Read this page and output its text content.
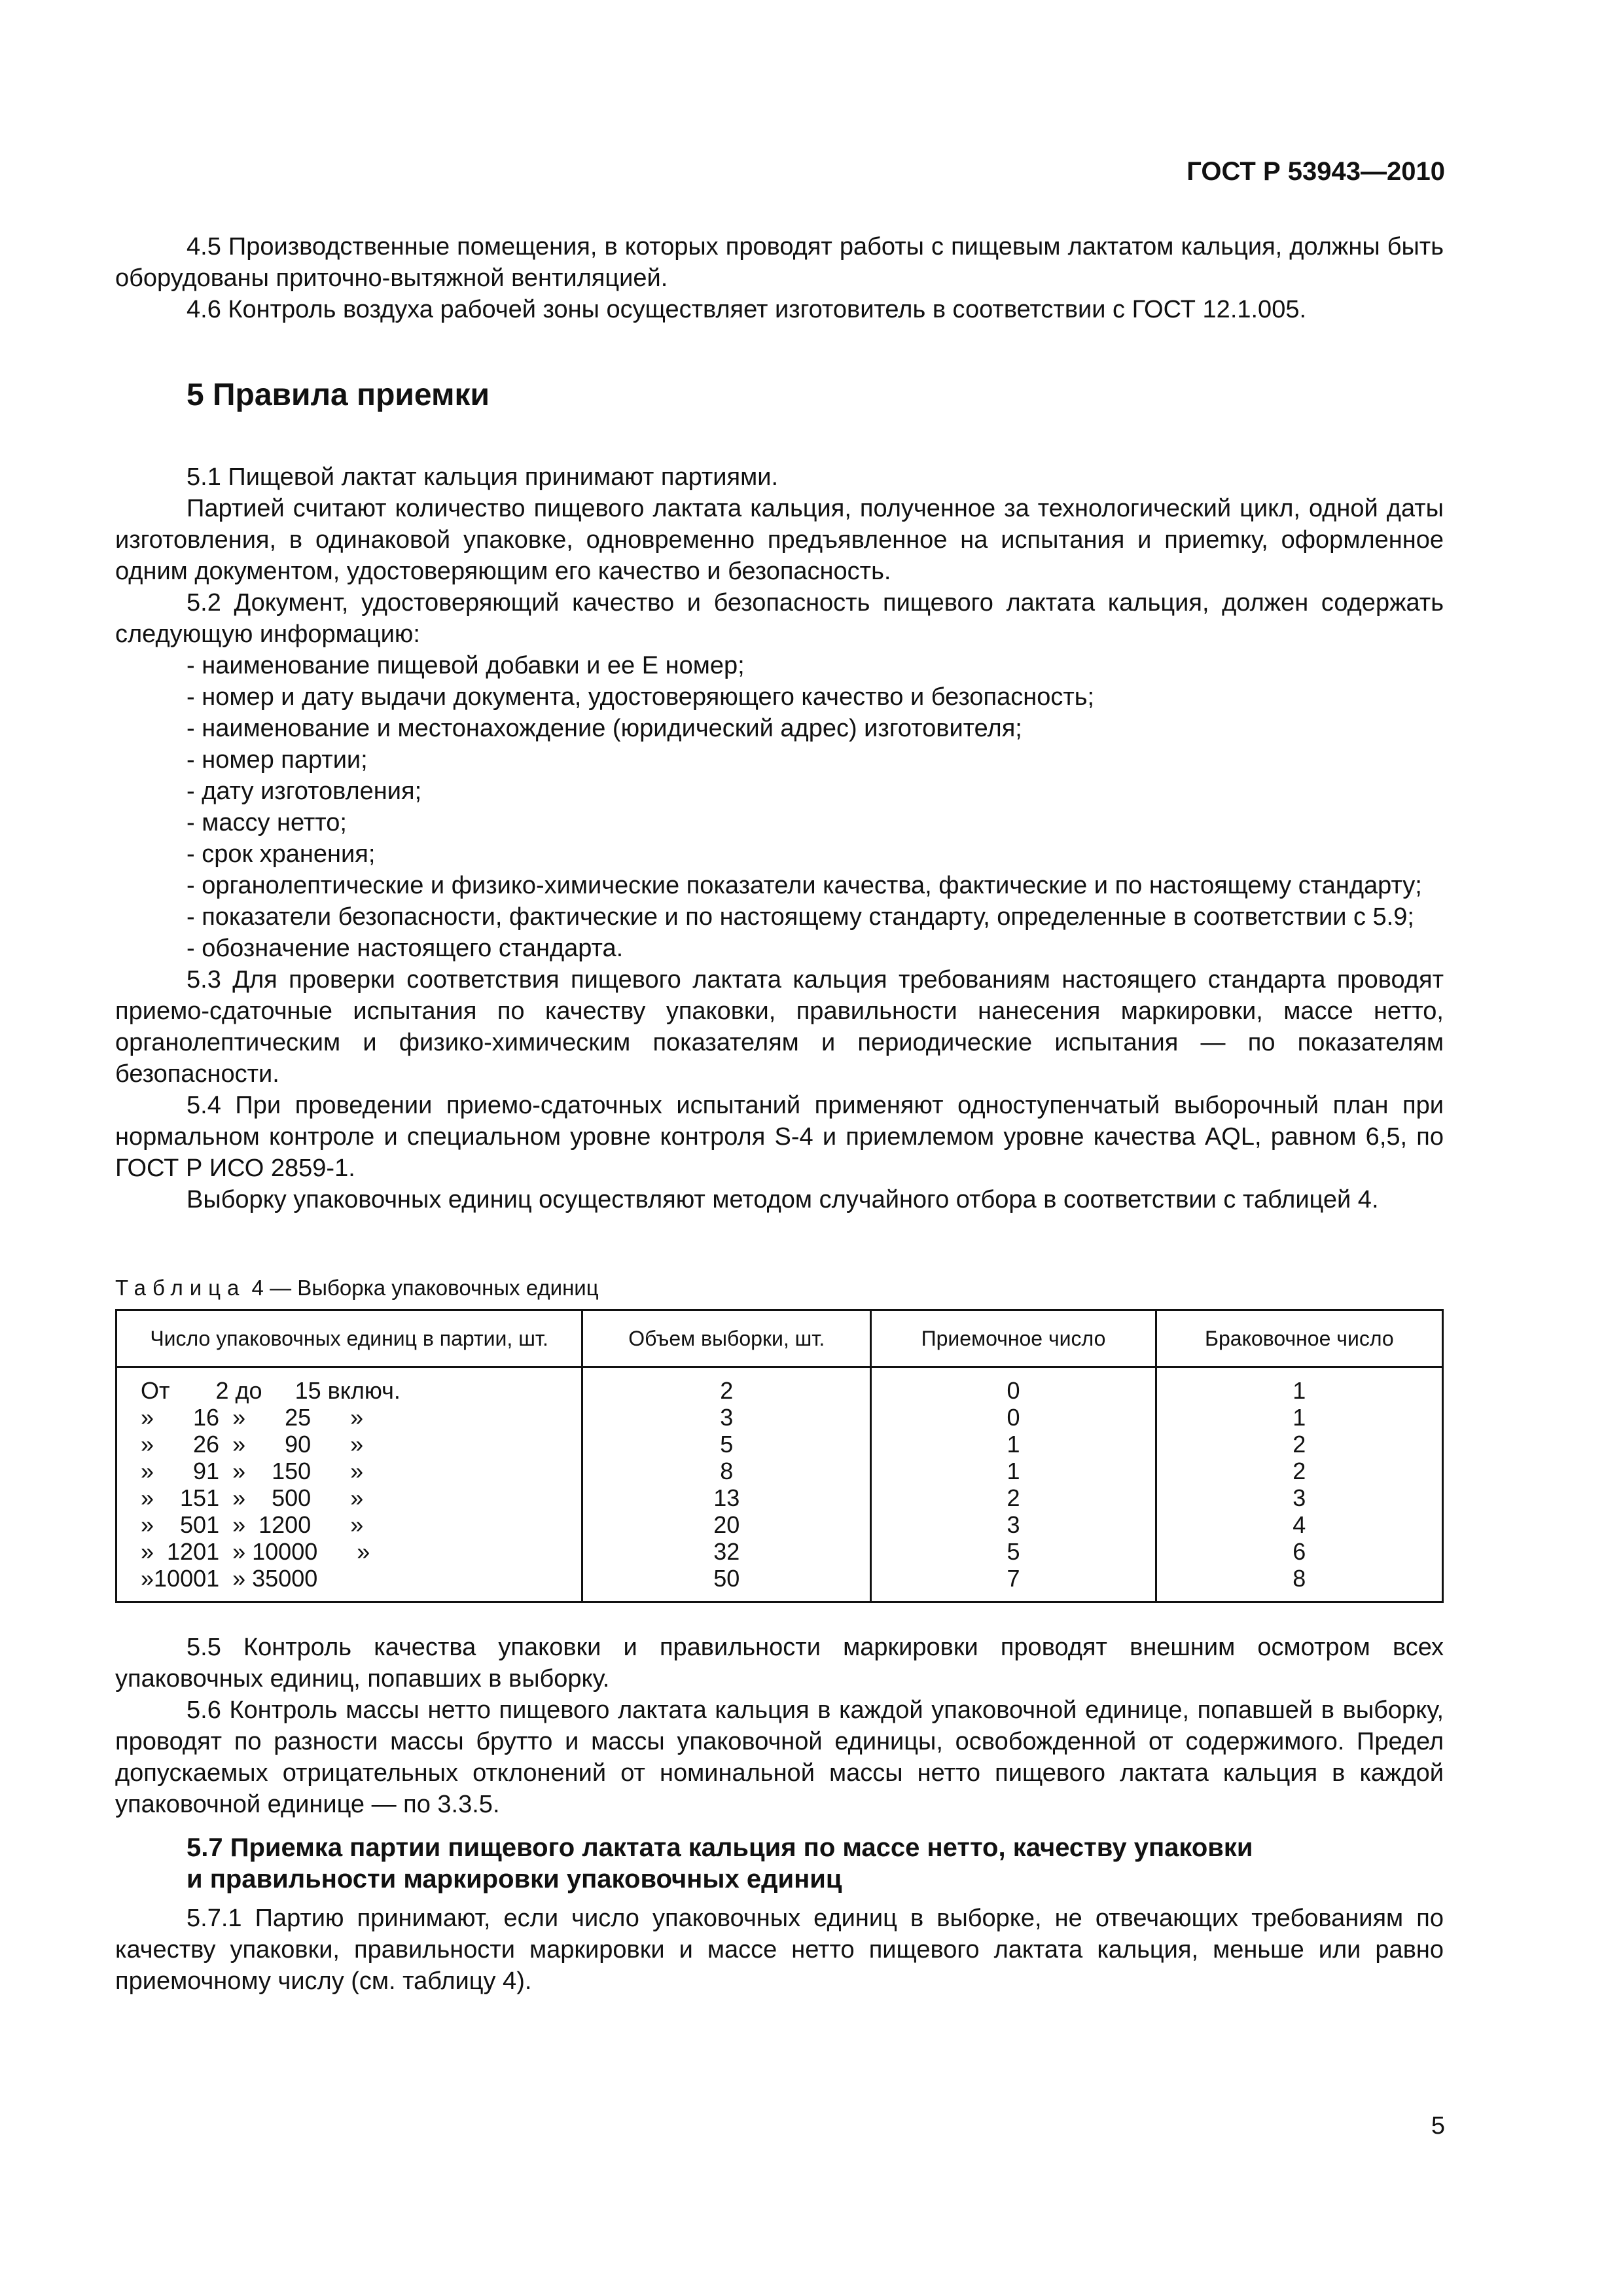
ГОСТ Р 53943—2010

4.5 Производственные помещения, в которых проводят работы с пищевым лактатом кальция, должны быть оборудованы приточно-вытяжной вентиляцией.

4.6 Контроль воздуха рабочей зоны осуществляет изготовитель в соответствии с ГОСТ 12.1.005.

5 Правила приемки

5.1 Пищевой лактат кальция принимают партиями.

Партией считают количество пищевого лактата кальция, полученное за технологический цикл, одной даты изготовления, в одинаковой упаковке, одновременно предъявленное на испытания и приemку, оформленное одним документом, удостоверяющим его качество и безопасность.

5.2 Документ, удостоверяющий качество и безопасность пищевого лактата кальция, должен содержать следующую информацию:

- наименование пищевой добавки и ее Е номер;

- номер и дату выдачи документа, удостоверяющего качество и безопасность;

- наименование и местонахождение (юридический адрес) изготовителя;

- номер партии;

- дату изготовления;

- массу нетто;

- срок хранения;

- органолептические и физико-химические показатели качества, фактические и по настоящему стандарту;

- показатели безопасности, фактические и по настоящему стандарту, определенные в соответствии с 5.9;

- обозначение настоящего стандарта.

5.3 Для проверки соответствия пищевого лактата кальция требованиям настоящего стандарта проводят приемо-сдаточные испытания по качеству упаковки, правильности нанесения маркировки, массе нетто, органолептическим и физико-химическим показателям и периодические испытания — по показателям безопасности.

5.4 При проведении приемо-сдаточных испытаний применяют одноступенчатый выборочный план при нормальном контроле и специальном уровне контроля S-4 и приемлемом уровне качества AQL, равном 6,5, по ГОСТ Р ИСО 2859-1.

Выборку упаковочных единиц осуществляют методом случайного отбора в соответствии с таблицей 4.

Таблица 4 — Выборка упаковочных единиц
Число упаковочных единиц в партии, шт.	Объем выборки, шт.	Приемочное число	Браковочное число
От       2 до     15 включ.	2	0	1
»      16  »      25      »	3	0	1
»      26  »      90      »	5	1	2
»      91  »    150      »	8	1	2
»    151  »    500      »	13	2	3
»    501  »  1200      »	20	3	4
»  1201  » 10000      »	32	5	6
»10001  » 35000	50	7	8

5.5 Контроль качества упаковки и правильности маркировки проводят внешним осмотром всех упаковочных единиц, попавших в выборку.

5.6 Контроль массы нетто пищевого лактата кальция в каждой упаковочной единице, попавшей в выборку, проводят по разности массы брутто и массы упаковочной единицы, освобожденной от содержимого. Предел допускаемых отрицательных отклонений от номинальной массы нетто пищевого лактата кальция в каждой упаковочной единице — по 3.3.5.

5.7 Приемка партии пищевого лактата кальция по массе нетто, качеству упаковки
и правильности маркировки упаковочных единиц

5.7.1 Партию принимают, если число упаковочных единиц в выборке, не отвечающих требованиям по качеству упаковки, правильности маркировки и массе нетто пищевого лактата кальция, меньше или равно приемочному числу (см. таблицу 4).

5
